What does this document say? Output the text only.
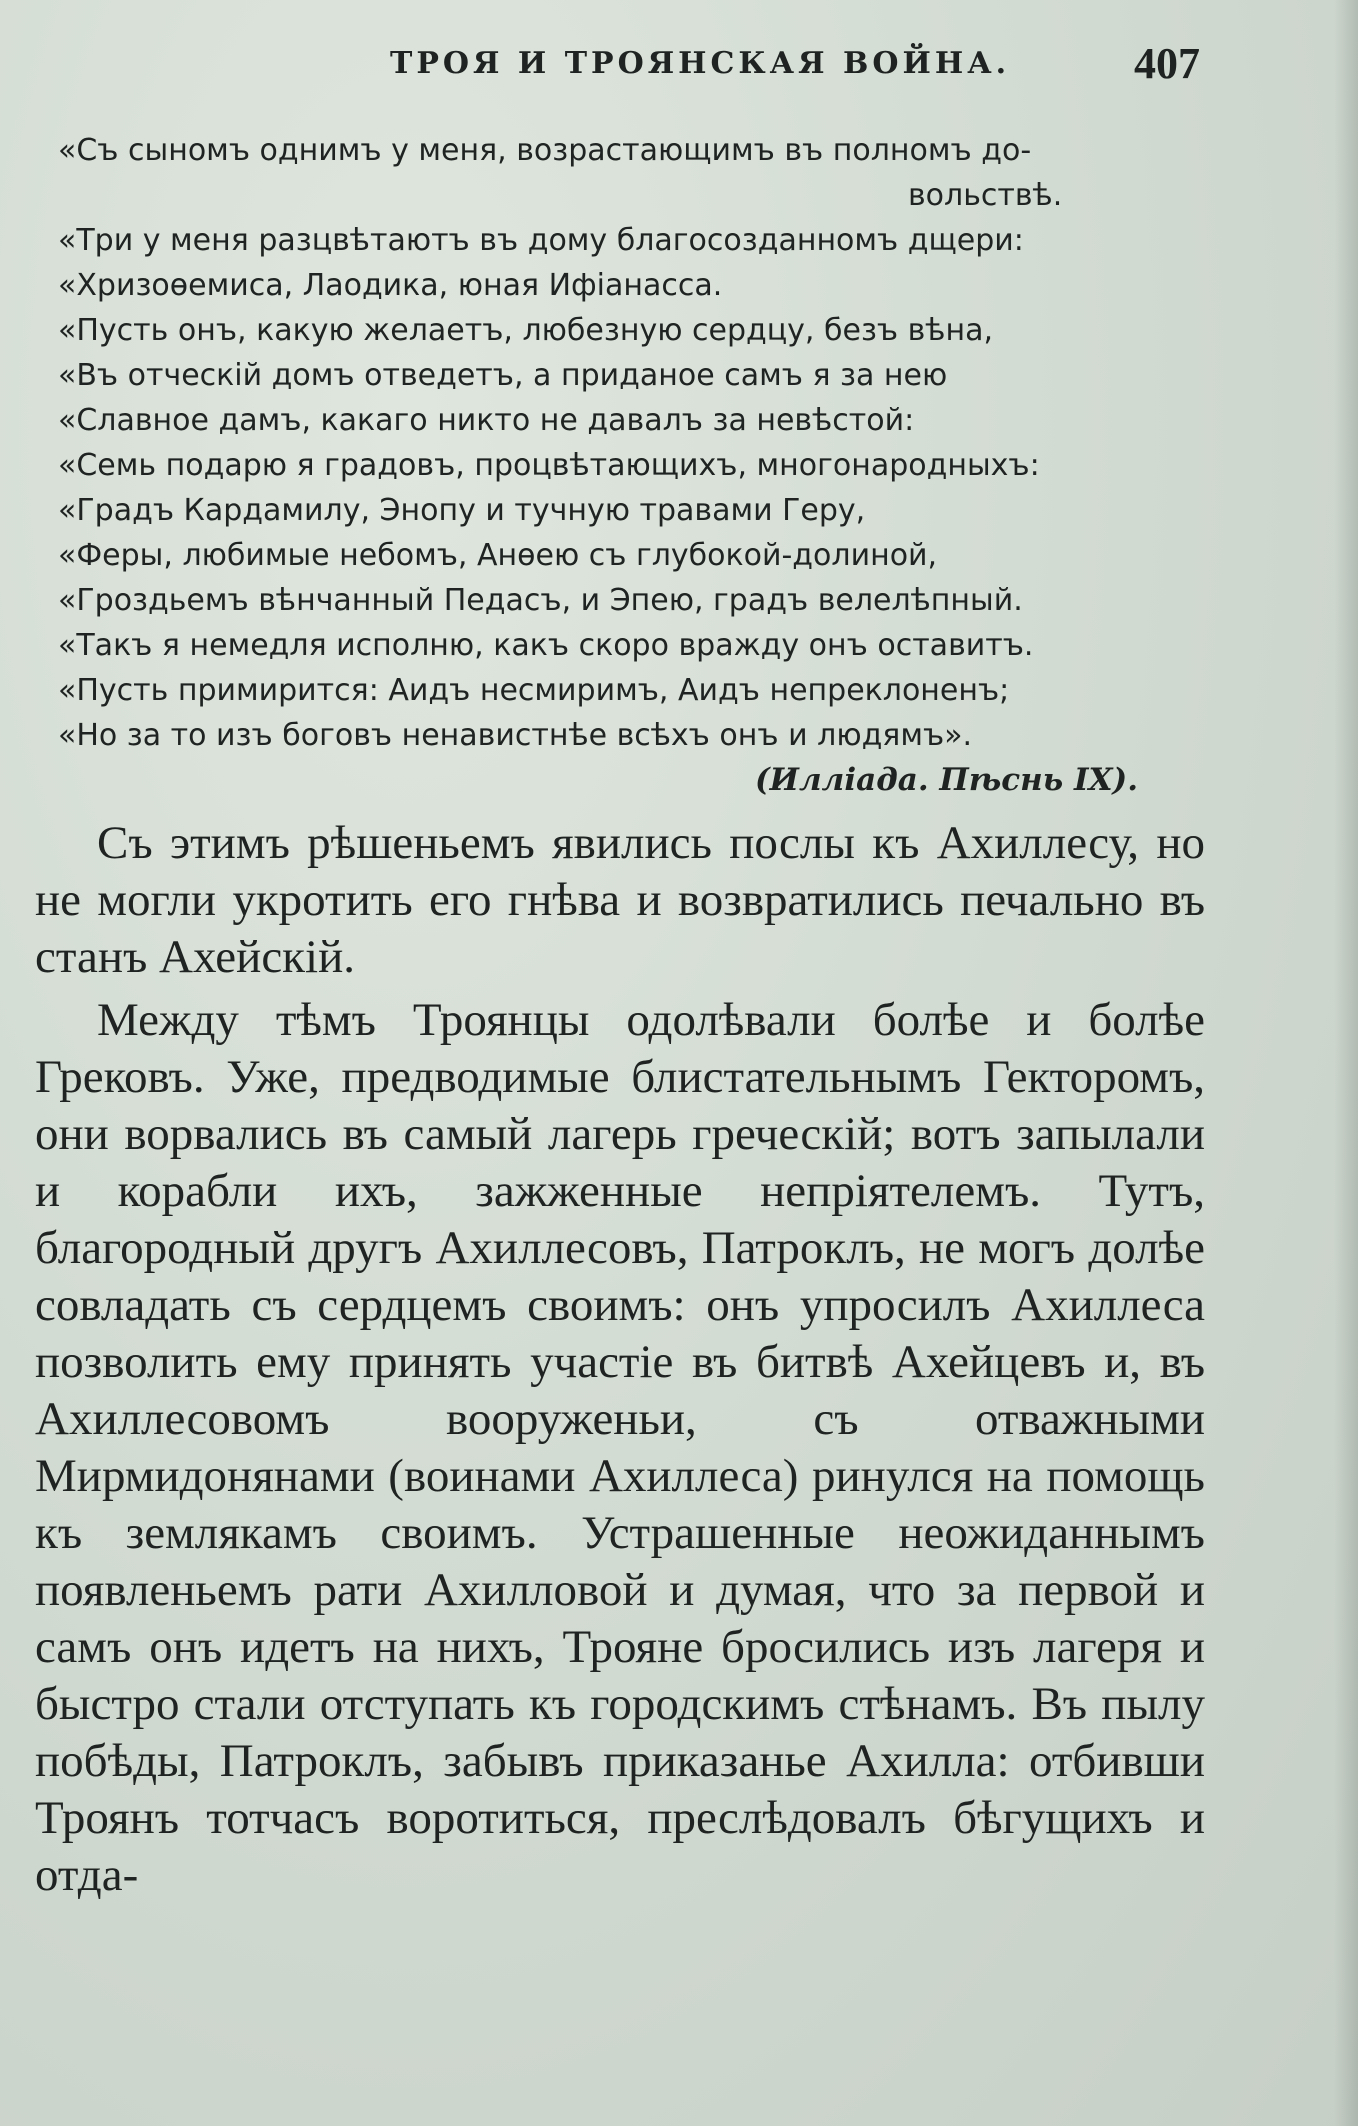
ТРОЯ И ТРОЯНСКАЯ ВОЙНА.	407
«Съ сыномъ однимъ у меня, возрастающимъ въ полномъ до-
вольствѣ.
«Три у меня разцвѣтаютъ въ дому благосозданномъ дщери:
«Хризоѳемиса, Лаодика, юная Ифіанасса.
«Пусть онъ, какую желаетъ, любезную сердцу, безъ вѣна,
«Въ отческій домъ отведетъ, а приданое самъ я за нею
«Славное дамъ, какаго никто не давалъ за невѣстой:
«Семь подарю я градовъ, процвѣтающихъ, многонародныхъ:
«Градъ Кардамилу, Энопу и тучную травами Геру,
«Феры, любимые небомъ, Анѳею съ глубокой-долиной,
«Гроздьемъ вѣнчанный Педасъ, и Эпею, градъ велелѣпный.
«Такъ я немедля исполню, какъ скоро вражду онъ оставитъ.
«Пусть примирится: Аидъ несмиримъ, Аидъ непреклоненъ;
«Но за то изъ боговъ ненавистнѣе всѣхъ онъ и людямъ».
(Илліада. Пѣснь IX).

Съ этимъ рѣшеньемъ явились послы къ Ахиллесу, но не могли укротить его гнѣва и возвратились печально въ станъ Ахейскій.

Между тѣмъ Троянцы одолѣвали болѣе и болѣе Грековъ. Уже, предводимые блистательнымъ Гекторомъ, они ворвались въ самый лагерь греческій; вотъ запылали и корабли ихъ, зажженные непріятелемъ. Тутъ, благородный другъ Ахиллесовъ, Патроклъ, не могъ долѣе совладать съ сердцемъ своимъ: онъ упросилъ Ахиллеса позволить ему принять участіе въ битвѣ Ахейцевъ и, въ Ахиллесовомъ вооруженьи, съ отважными Мирмидонянами (воинами Ахиллеса) ринулся на помощь къ землякамъ своимъ. Устрашенные неожиданнымъ появленьемъ рати Ахилловой и думая, что за первой и самъ онъ идетъ на нихъ, Трояне бросились изъ лагеря и быстро стали отступать къ городскимъ стѣнамъ. Въ пылу побѣды, Патроклъ, забывъ приказанье Ахилла: отбивши Троянъ тотчасъ воротиться, преслѣдовалъ бѣгущихъ и отда-
